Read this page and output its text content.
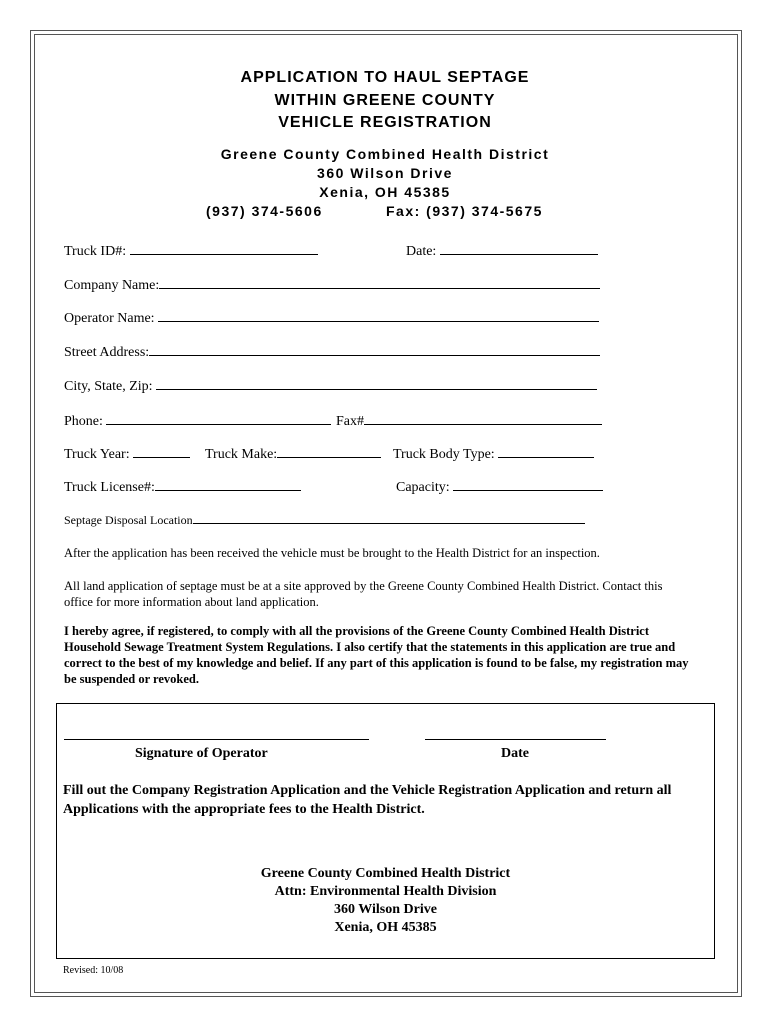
APPLICATION TO HAUL SEPTAGE
WITHIN GREENE COUNTY
VEHICLE REGISTRATION
Greene County Combined Health District
360 Wilson Drive
Xenia, OH 45385
(937) 374-5606	Fax: (937) 374-5675
Truck ID#:	Date:
Company Name:
Operator Name:
Street Address:
City, State, Zip:
Phone:	Fax#
Truck Year:	Truck Make:	Truck Body Type:
Truck License#:	Capacity:
Septage Disposal Location
After the application has been received the vehicle must be brought to the Health District for an inspection.
All land application of septage must be at a site approved by the Greene County Combined Health District. Contact this office for more information about land application.
I hereby agree, if registered, to comply with all the provisions of the Greene County Combined Health District Household Sewage Treatment System Regulations. I also certify that the statements in this application are true and correct to the best of my knowledge and belief. If any part of this application is found to be false, my registration may be suspended or revoked.
Signature of Operator	Date
Fill out the Company Registration Application and the Vehicle Registration Application and return all Applications with the appropriate fees to the Health District.
Greene County Combined Health District
Attn: Environmental Health Division
360 Wilson Drive
Xenia, OH 45385
Revised: 10/08
